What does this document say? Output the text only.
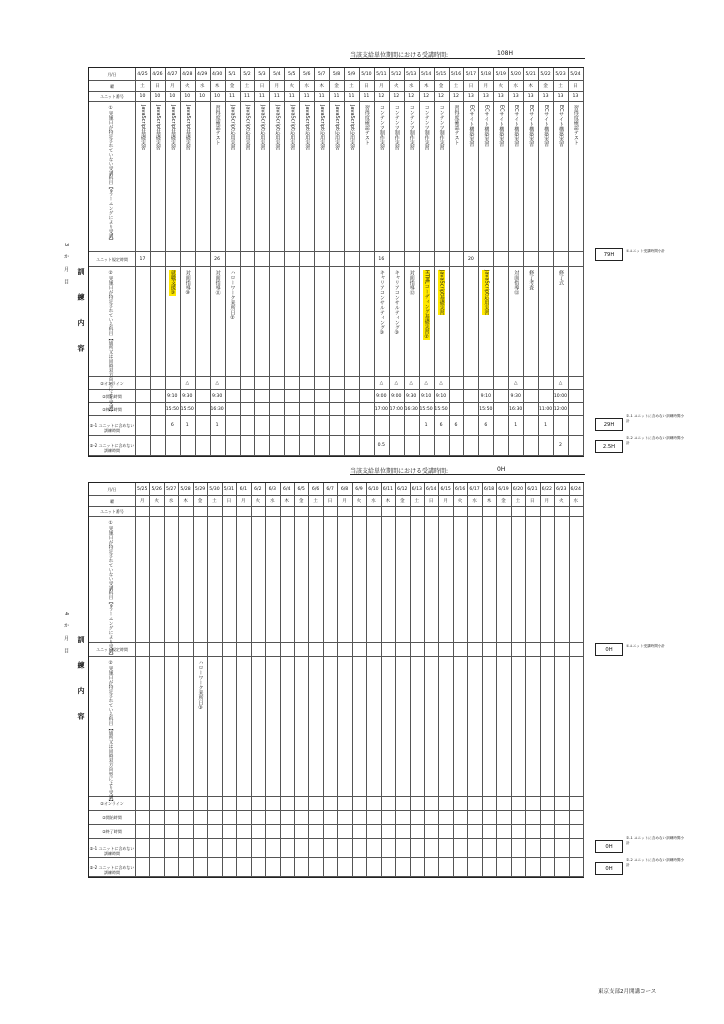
当該支給単位期間における受講時間:	108H
3 か 月 目
訓 練 内 容
月/日
曜
ユニット番号
ユニット規定時間
②オンライン
②開始時間
②終了時間
②-1 ユニットに含めない訓練時間
②-2 ユニットに含めない訓練時間
①実施日が特定されていない受講科目【eラーニングにより受講】
②実施日が特定されている科目【通所又は同時双方向型により受講】
4/25
土
10
17
JavaScript基礎実習
4/26
日
10
JavaScript基礎実習
4/27
月
10
9:10
15:50
6
JavaScript基礎実習
就職支援③
4/28
火
10
△
9:30
15:50
1
JavaScript基礎実習
対面指導⑩
4/29
水
10
4/30
木
10
26
△
9:30
16:30
1
習得度確認テスト
対面指導⑪
5/1
金
11
JavaScript応用実習
ハローワーク来所日②
5/2
土
11
JavaScript応用実習
5/3
日
11
JavaScript応用実習
5/4
月
11
JavaScript応用実習
5/5
火
11
JavaScript応用実習
5/6
水
11
JavaScript応用実習
5/7
木
11
JavaScript応用実習
5/8
金
11
JavaScript応用実習
5/9
土
11
JavaScript応用実習
5/10
日
11
習得度確認テスト
5/11
月
12
16
△
9:00
17:00
0.5
コンテンツ制作実習
キャリアコンサルティング③
5/12
火
12
△
9:00
17:00
コンテンツ制作実習
キャリアコンサルティング③
5/13
水
12
△
9:30
16:30
コンテンツ制作実習
対面指導⑫
5/14
木
12
△
9:10
15:50
1
コンテンツ制作実習
HTMLコーディング基礎実習②
5/15
金
12
△
9:10
15:50
6
コンテンツ制作実習
JavaScript基礎実習
5/16
土
12
6
習得度確認テスト
5/17
日
13
20
ECサイト構築実習
5/18
月
13
9:10
15:50
6
ECサイト構築実習
JavaScript応用実習
5/19
火
13
ECサイト構築実習
5/20
水
13
△
9:30
16:30
1
ECサイト構築実習
対面指導⑬
5/21
木
13
ECサイト構築実習
修了考査
5/22
金
13
11:00
1
ECサイト構築実習
5/23
土
13
△
10:00
12:00
2
ECサイト構築実習
修了式
5/24
日
13
習得度確認テスト
79H
①ユニット受講時間小計
29H
②-1 ユニットに含めない訓練時間小計
2.5H
②-2 ユニットに含めない訓練時間小計
当該支給単位期間における受講時間:	0H
4 か 月 目
訓 練 内 容
月/日
曜
ユニット番号
ユニット規定時間
②オンライン
②開始時間
②終了時間
②-1 ユニットに含めない訓練時間
②-2 ユニットに含めない訓練時間
①実施日が特定されていない受講科目【eラーニングにより受講】
②実施日が特定されている科目【通所又は同時双方向型により受講】
5/25
月
5/26
火
5/27
水
5/28
木
5/29
金
ハローワーク来所日③
5/30
土
5/31
日
6/1
月
6/2
火
6/3
水
6/4
木
6/5
金
6/6
土
6/7
日
6/8
月
6/9
火
6/10
水
6/11
木
6/12
金
6/13
土
6/14
日
6/15
月
6/16
火
6/17
水
6/18
木
6/19
金
6/20
土
6/21
日
6/22
月
6/23
火
6/24
水
0H
①ユニット受講時間小計
0H
②-1 ユニットに含めない訓練時間小計
0H
②-2 ユニットに含めない訓練時間小計
東京支部2月開講コース
